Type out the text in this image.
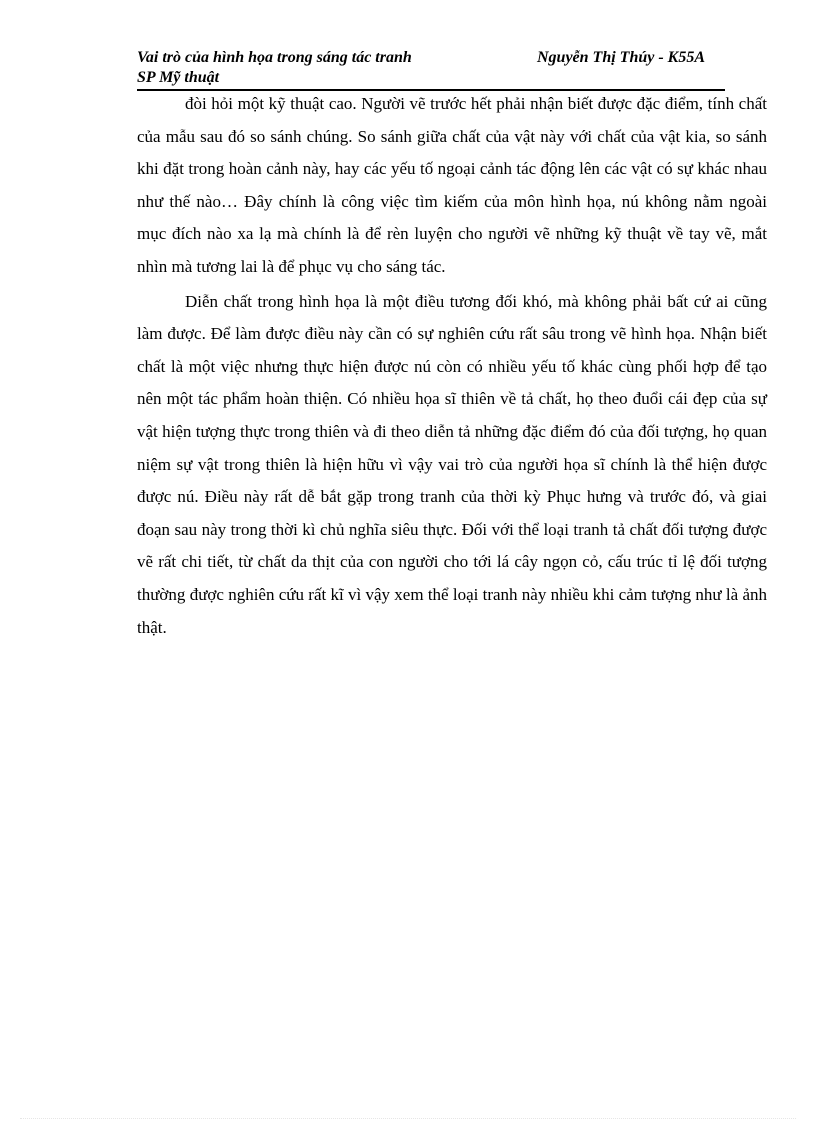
Vai trò của hình họa trong sáng tác tranh
SP Mỹ thuật
Nguyễn Thị Thúy - K55A

đòi hỏi một kỹ thuật cao. Người vẽ trước hết phải nhận biết được đặc điểm, tính chất của mẫu sau đó so sánh chúng. So sánh giữa chất của vật này với chất của vật kia, so sánh khi đặt trong hoàn cảnh này, hay các yếu tố ngoại cảnh tác động lên các vật có sự khác nhau như thế nào… Đây chính là công việc tìm kiếm của môn hình họa, nú không nằm ngoài mục đích nào xa lạ mà chính là để rèn luyện cho người vẽ những kỹ thuật về tay vẽ, mắt nhìn mà tương lai là để phục vụ cho sáng tác.

Diễn chất trong hình họa là một điều tương đối khó, mà không phải bất cứ ai cũng làm được. Để làm được điều này cần có sự nghiên cứu rất sâu trong vẽ hình họa. Nhận biết chất là một việc nhưng thực hiện được nú còn có nhiều yếu tố khác cùng phối hợp để tạo nên một tác phẩm hoàn thiện. Có nhiều họa sĩ thiên về tả chất, họ theo đuổi cái đẹp của sự vật hiện tượng thực trong thiên và đi theo diễn tả những đặc điểm đó của đối tượng, họ quan niệm sự vật trong thiên là hiện hữu vì vậy vai trò của người họa sĩ chính là thể hiện được được nú. Điều này rất dễ bắt gặp trong tranh của thời kỳ Phục hưng và trước đó, và giai đoạn sau này trong thời kì chủ nghĩa siêu thực. Đối với thể loại tranh tả chất đối tượng được vẽ rất chi tiết, từ chất da thịt của con người cho tới lá cây ngọn cỏ, cấu trúc tỉ lệ đối tượng thường được nghiên cứu rất kĩ vì vậy xem thể loại tranh này nhiều khi cảm tượng như là ảnh thật.
